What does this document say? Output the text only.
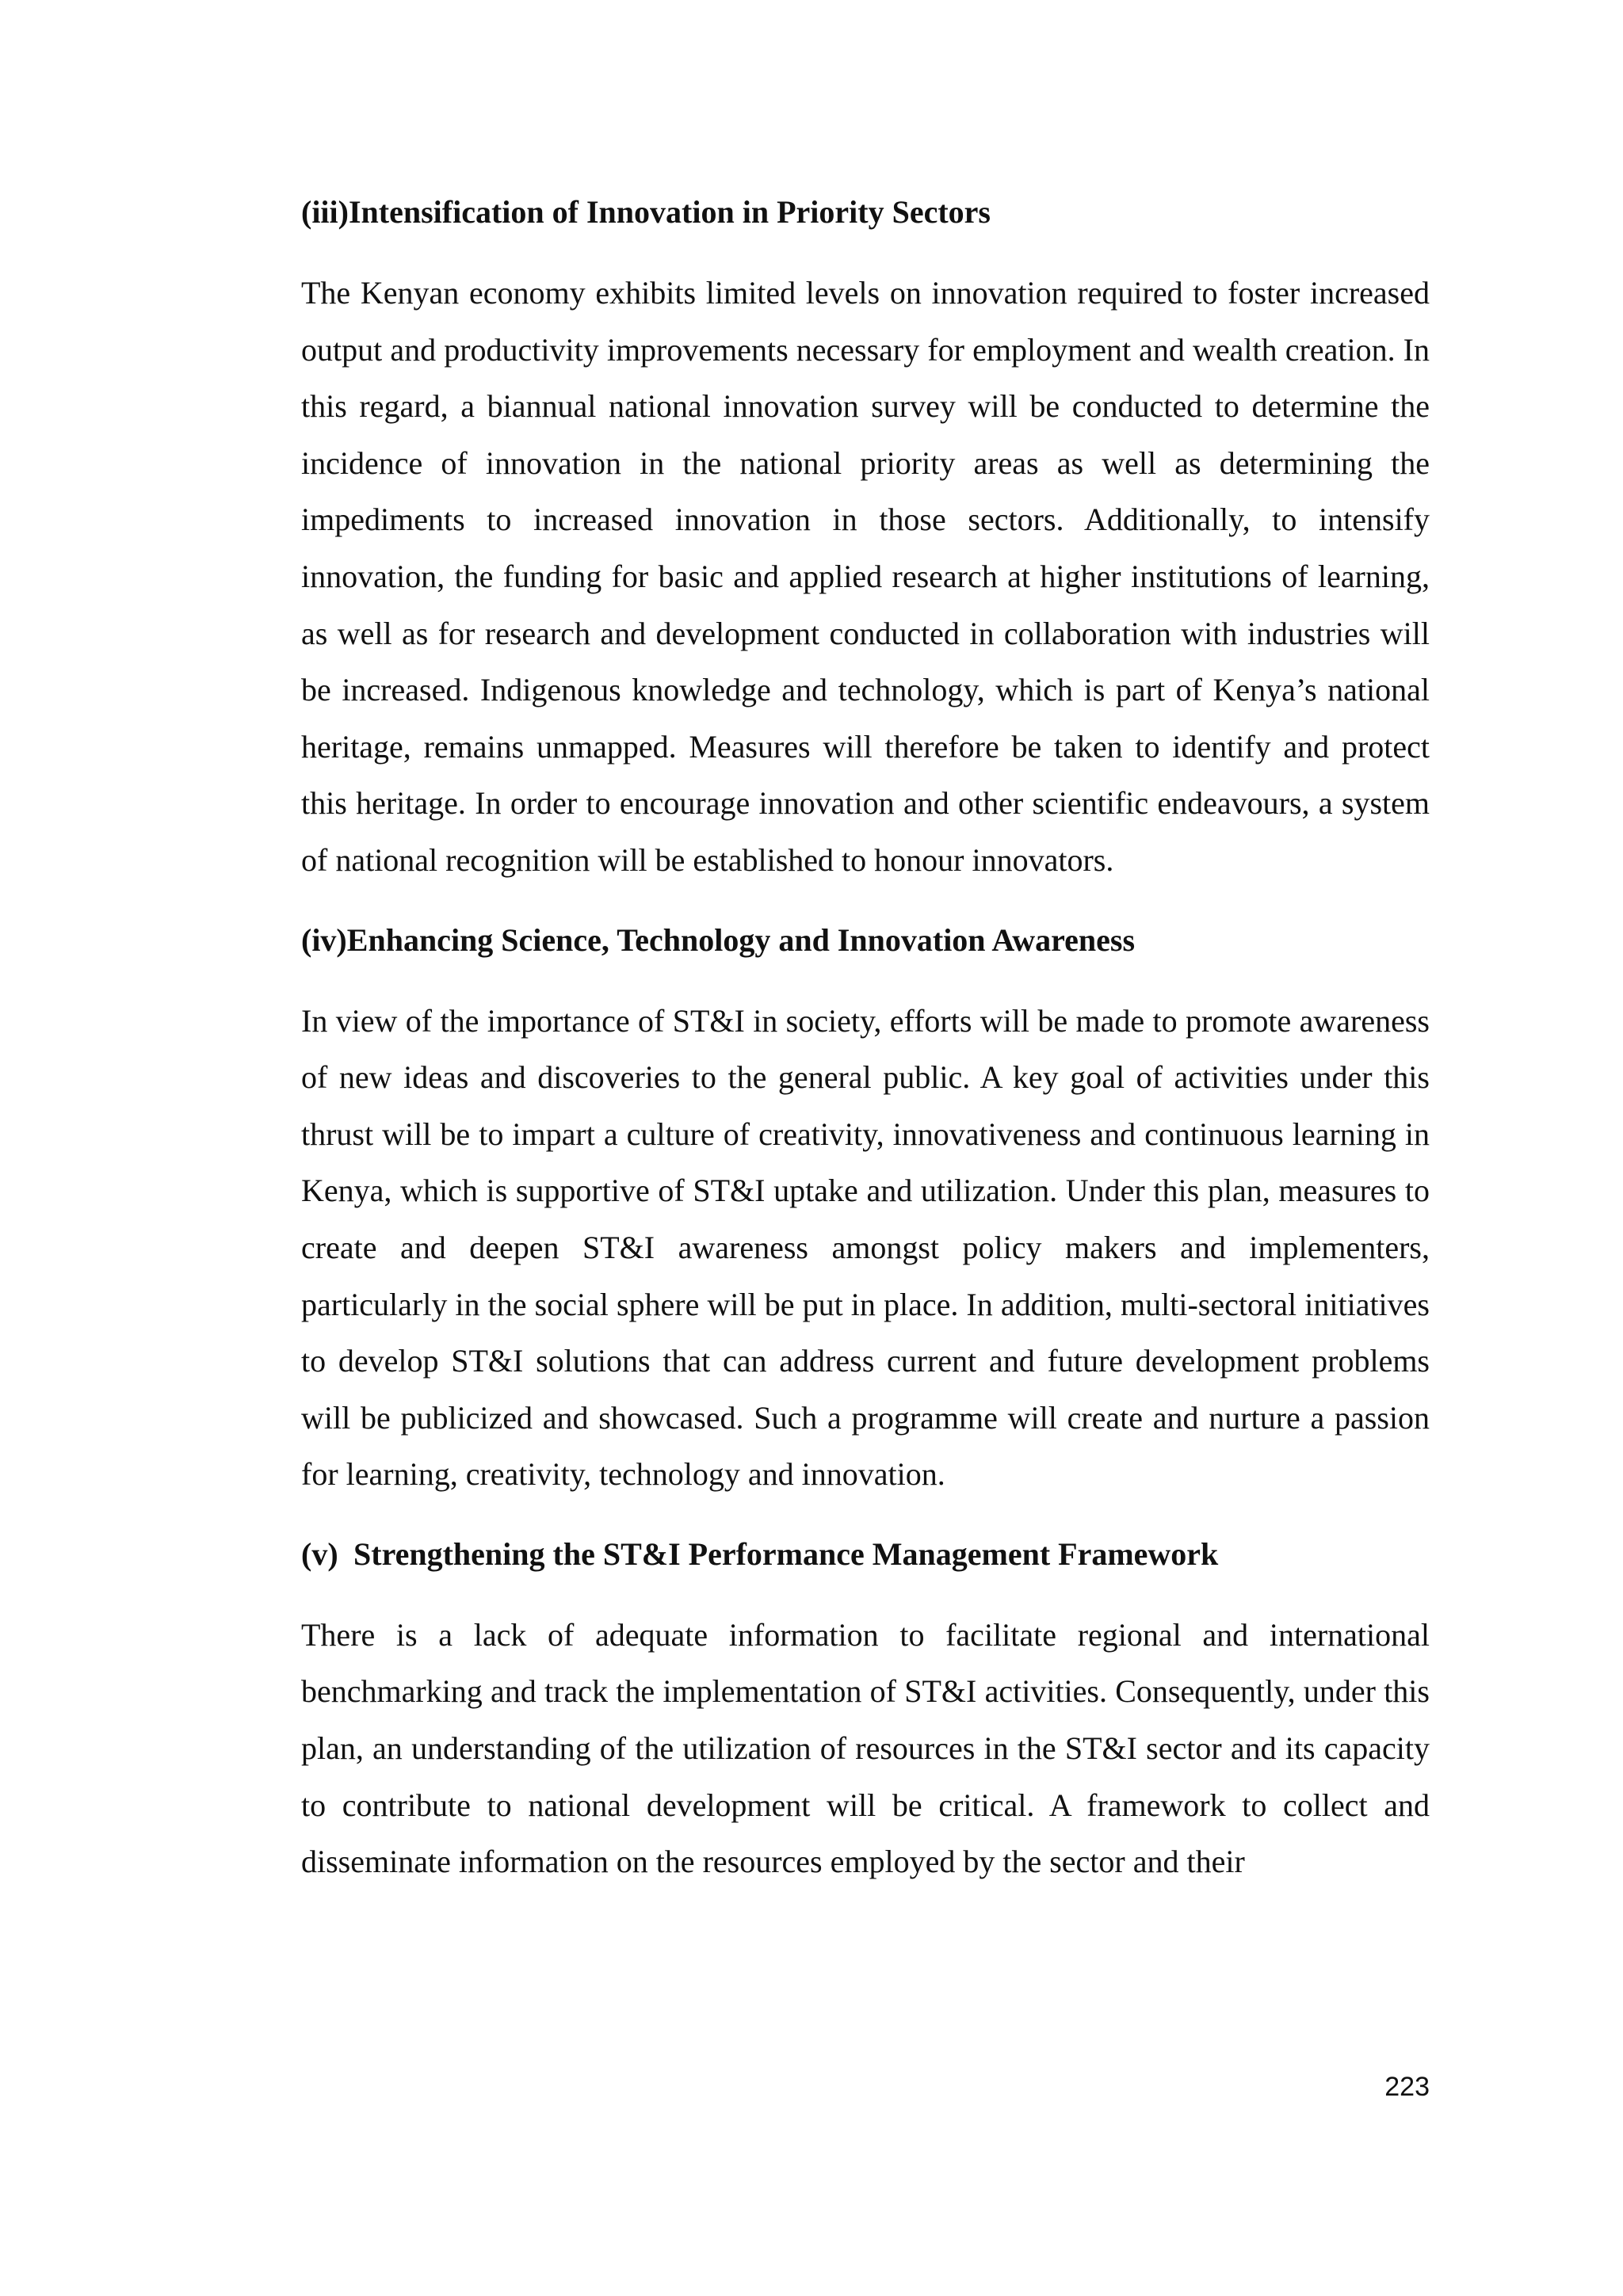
(iii) Intensification of Innovation in Priority Sectors

The Kenyan economy exhibits limited levels on innovation required to foster increased output and productivity improvements necessary for employment and wealth creation. In this regard, a biannual national innovation survey will be conducted to determine the incidence of innovation in the national priority areas as well as determining the impediments to increased innovation in those sectors. Additionally, to intensify innovation, the funding for basic and applied research at higher institutions of learning, as well as for research and development conducted in collaboration with industries will be increased. Indigenous knowledge and technology, which is part of Kenya’s national heritage, remains unmapped. Measures will therefore be taken to identify and protect this heritage. In order to encourage innovation and other scientific endeavours, a system of national recognition will be established to honour innovators.

(iv) Enhancing Science, Technology and Innovation Awareness

In view of the importance of ST&I in society, efforts will be made to promote awareness of new ideas and discoveries to the general public. A key goal of activities under this thrust will be to impart a culture of creativity, innovativeness and continuous learning in Kenya, which is supportive of ST&I uptake and utilization. Under this plan, measures to create and deepen ST&I awareness amongst policy makers and implementers, particularly in the social sphere will be put in place. In addition, multi-sectoral initiatives to develop ST&I solutions that can address current and future development problems will be publicized and showcased. Such a programme will create and nurture a passion for learning, creativity, technology and innovation.

(v) Strengthening the ST&I Performance Management Framework

There is a lack of adequate information to facilitate regional and international benchmarking and track the implementation of ST&I activities. Consequently, under this plan, an understanding of the utilization of resources in the ST&I sector and its capacity to contribute to national development will be critical. A framework to collect and disseminate information on the resources employed by the sector and their

223
